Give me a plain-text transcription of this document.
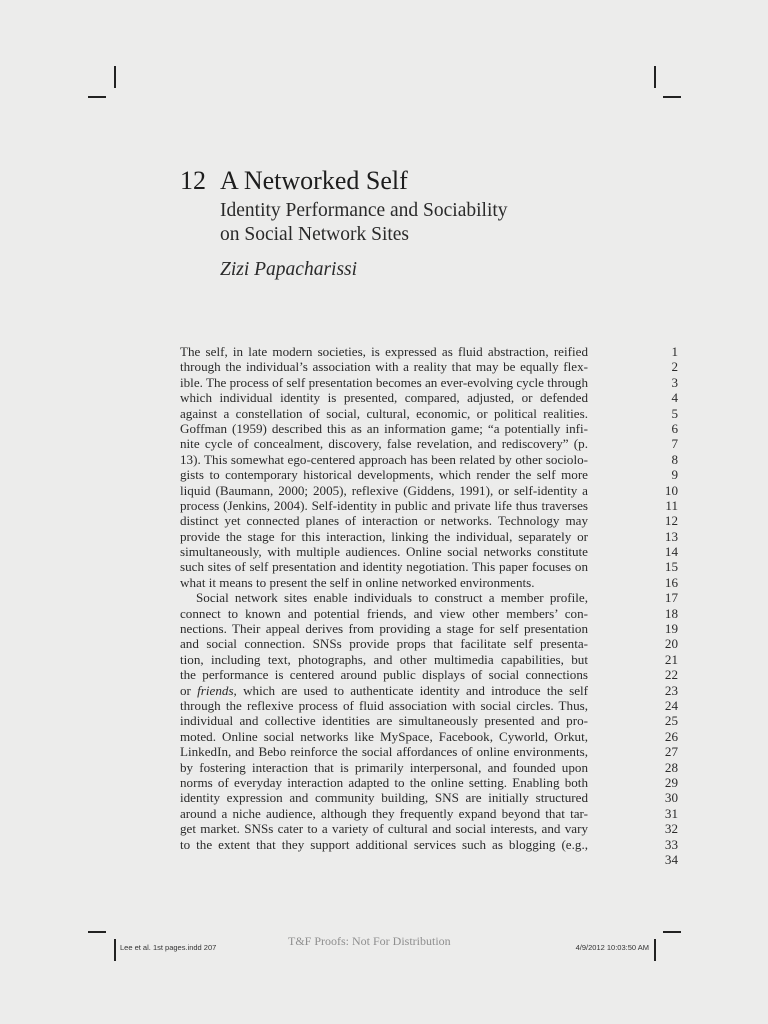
12 A Networked Self
Identity Performance and Sociability
on Social Network Sites
Zizi Papacharissi
The self, in late modern societies, is expressed as fluid abstraction, reified
through the individual’s association with a reality that may be equally flex-
ible. The process of self presentation becomes an ever-evolving cycle through
which individual identity is presented, compared, adjusted, or defended
against a constellation of social, cultural, economic, or political realities.
Goffman (1959) described this as an information game; “a potentially infi-
nite cycle of concealment, discovery, false revelation, and rediscovery” (p.
13). This somewhat ego-centered approach has been related by other sociolo-
gists to contemporary historical developments, which render the self more
liquid (Baumann, 2000; 2005), reflexive (Giddens, 1991), or self-identity a
process (Jenkins, 2004). Self-identity in public and private life thus traverses
distinct yet connected planes of interaction or networks. Technology may
provide the stage for this interaction, linking the individual, separately or
simultaneously, with multiple audiences. Online social networks constitute
such sites of self presentation and identity negotiation. This paper focuses on
what it means to present the self in online networked environments.
Social network sites enable individuals to construct a member profile,
connect to known and potential friends, and view other members’ con-
nections. Their appeal derives from providing a stage for self presentation
and social connection. SNSs provide props that facilitate self presenta-
tion, including text, photographs, and other multimedia capabilities, but
the performance is centered around public displays of social connections
or friends, which are used to authenticate identity and introduce the self
through the reflexive process of fluid association with social circles. Thus,
individual and collective identities are simultaneously presented and pro-
moted. Online social networks like MySpace, Facebook, Cyworld, Orkut,
LinkedIn, and Bebo reinforce the social affordances of online environments,
by fostering interaction that is primarily interpersonal, and founded upon
norms of everyday interaction adapted to the online setting. Enabling both
identity expression and community building, SNS are initially structured
around a niche audience, although they frequently expand beyond that tar-
get market. SNSs cater to a variety of cultural and social interests, and vary
to the extent that they support additional services such as blogging (e.g.,
1
2
3
4
5
6
7
8
9
10
11
12
13
14
15
16
17
18
19
20
21
22
23
24
25
26
27
28
29
30
31
32
33
34
Lee et al. 1st pages.indd 207	T&F Proofs: Not For Distribution	4/9/2012 10:03:50 AM
